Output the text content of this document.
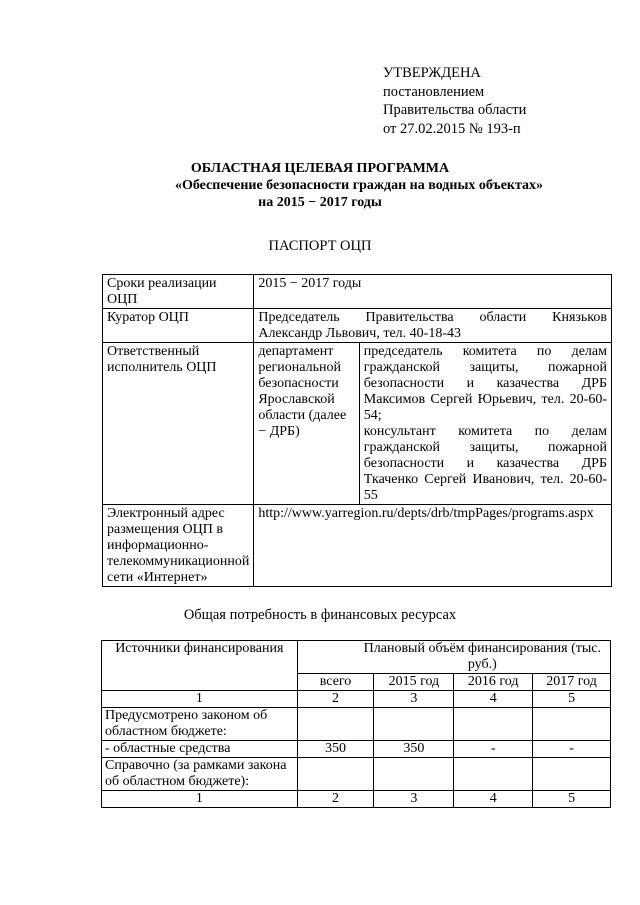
УТВЕРЖДЕНА
постановлением
Правительства области
от 27.02.2015 № 193-п
ОБЛАСТНАЯ ЦЕЛЕВАЯ ПРОГРАММА
«Обеспечение безопасности граждан на водных объектах»
на 2015 − 2017 годы
ПАСПОРТ ОЦП
Сроки реализации ОЦП	2015 − 2017 годы	
Куратор ОЦП	Председатель Правительства области Князьков Александр Львович, тел. 40-18-43	
Ответственный исполнитель ОЦП	департамент региональной безопасности Ярославской области (далее − ДРБ)	председатель комитета по делам гражданской защиты, пожарной безопасности и казачества ДРБ Максимов Сергей Юрьевич, тел. 20-60-54;
консультант комитета по делам гражданской защиты, пожарной безопасности и казачества ДРБ Ткаченко Сергей Иванович, тел. 20-60-55

Электронный адрес размещения ОЦП в информационно-телекоммуникационной сети «Интернет»	http://www.yarregion.ru/depts/drb/tmpPages/programs.aspx	
Общая потребность в финансовых ресурсах
Источники финансирования	Плановый объём финансирования (тыс. руб.)			
	всего	2015 год	2016 год	2017 год
1	2	3	4	5
Предусмотрено законом об областном бюджете:				
- областные средства	350	350	-	-
Справочно (за рамками закона об областном бюджете):				
1	2	3	4	5
